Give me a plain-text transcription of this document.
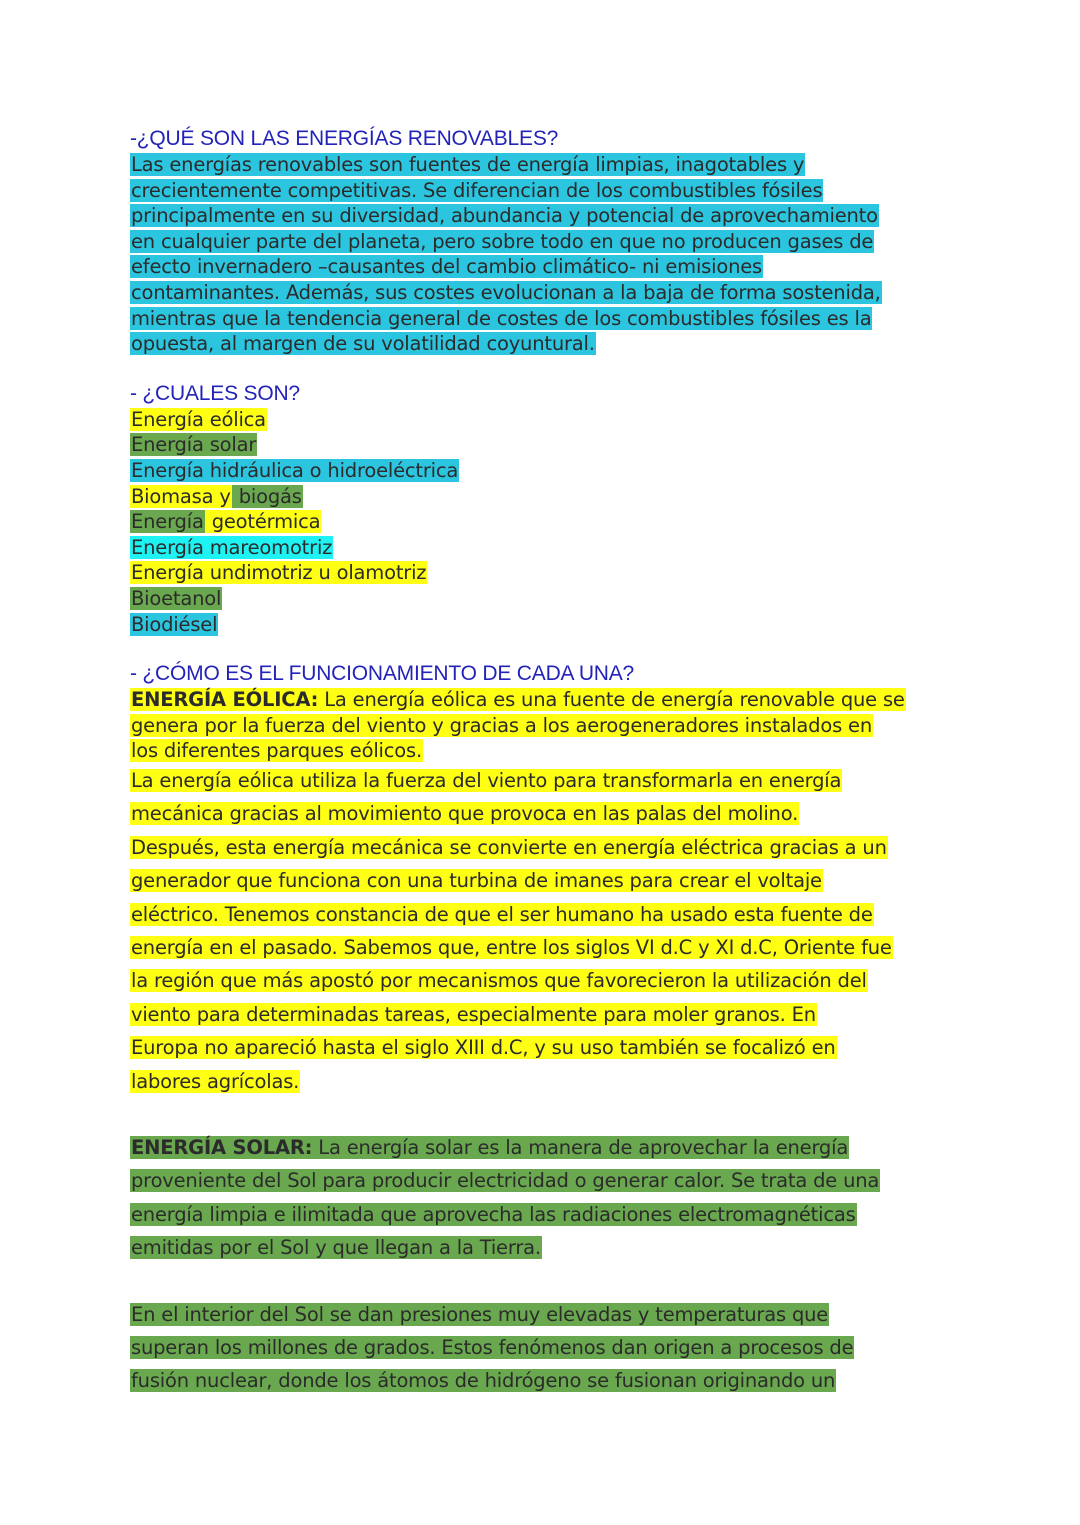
-¿QUÉ SON LAS ENERGÍAS RENOVABLES?

Las energías renovables son fuentes de energía limpias, inagotables y

crecientemente competitivas. Se diferencian de los combustibles fósiles

principalmente en su diversidad, abundancia y potencial de aprovechamiento

en cualquier parte del planeta, pero sobre todo en que no producen gases de

efecto invernadero –causantes del cambio climático- ni emisiones

contaminantes. Además, sus costes evolucionan a la baja de forma sostenida,

mientras que la tendencia general de costes de los combustibles fósiles es la

opuesta, al margen de su volatilidad coyuntural.

- ¿CUALES SON?

Energía eólica

Energía solar

Energía hidráulica o hidroeléctrica

Biomasa y biogás

Energía geotérmica

Energía mareomotriz

Energía undimotriz u olamotriz

Bioetanol

Biodiésel

- ¿CÓMO ES EL FUNCIONAMIENTO DE CADA UNA?

ENERGÍA EÓLICA: La energía eólica es una fuente de energía renovable que se

genera por la fuerza del viento y gracias a los aerogeneradores instalados en

los diferentes parques eólicos.

La energía eólica utiliza la fuerza del viento para transformarla en energía

mecánica gracias al movimiento que provoca en las palas del molino.

Después, esta energía mecánica se convierte en energía eléctrica gracias a un

generador que funciona con una turbina de imanes para crear el voltaje

eléctrico. Tenemos constancia de que el ser humano ha usado esta fuente de

energía en el pasado. Sabemos que, entre los siglos VI d.C y XI d.C, Oriente fue

la región que más apostó por mecanismos que favorecieron la utilización del

viento para determinadas tareas, especialmente para moler granos. En

Europa no apareció hasta el siglo XIII d.C, y su uso también se focalizó en

labores agrícolas.

ENERGÍA SOLAR: La energía solar es la manera de aprovechar la energía

proveniente del Sol para producir electricidad o generar calor. Se trata de una

energía limpia e ilimitada que aprovecha las radiaciones electromagnéticas

emitidas por el Sol y que llegan a la Tierra.

En el interior del Sol se dan presiones muy elevadas y temperaturas que

superan los millones de grados. Estos fenómenos dan origen a procesos de

fusión nuclear, donde los átomos de hidrógeno se fusionan originando un
